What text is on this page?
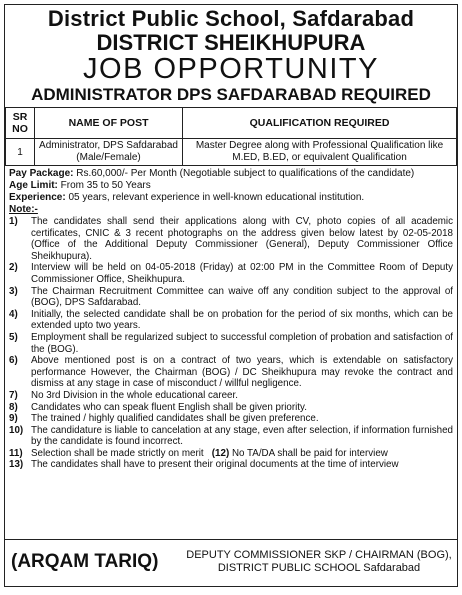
District Public School, Safdarabad
DISTRICT SHEIKHUPURA
JOB OPPORTUNITY
ADMINISTRATOR DPS SAFDARABAD REQUIRED
SR NO	NAME OF POST	QUALIFICATION REQUIRED
1	Administrator, DPS Safdarabad (Male/Female)	Master Degree along with Professional Qualification like M.ED, B.ED, or equivalent Qualification
Pay Package: Rs.60,000/- Per Month (Negotiable subject to qualifications of the candidate)
Age Limit: From 35 to 50 Years
Experience: 05 years, relevant experience in well-known educational institution.
Note:-
1)	The candidates shall send their applications along with CV, photo copies of all academic certificates, CNIC & 3 recent photographs on the address given below latest by 02-05-2018 (Office of the Additional Deputy Commissioner (General), Deputy Commissioner Office Sheikhupura).
2)	Interview will be held on 04-05-2018 (Friday) at 02:00 PM in the Committee Room of Deputy Commissioner Office, Sheikhupura.
3)	The Chairman Recruitment Committee can waive off any condition subject to the approval of (BOG), DPS Safdarabad.
4)	Initially, the selected candidate shall be on probation for the period of six months, which can be extended upto two years.
5)	Employment shall be regularized subject to successful completion of probation and satisfaction of the (BOG).
6)	Above mentioned post is on a contract of two years, which is extendable on satisfactory performance However, the Chairman (BOG) / DC Sheikhupura may revoke the contract and dismiss at any stage in case of misconduct / willful negligence.
7)	No 3rd Division in the whole educational career.
8)	Candidates who can speak fluent English shall be given priority.
9)	The trained / highly qualified candidates shall be given preference.
10) The candidature is liable to cancelation at any stage, even after selection, if information furnished by the candidate is found incorrect.
11) Selection shall be made strictly on merit (12) No TA/DA shall be paid for interview
13) The candidates shall have to present their original documents at the time of interview
(ARQAM TARIQ)	DEPUTY COMMISSIONER SKP / CHAIRMAN (BOG),
DISTRICT PUBLIC SCHOOL Safdarabad
